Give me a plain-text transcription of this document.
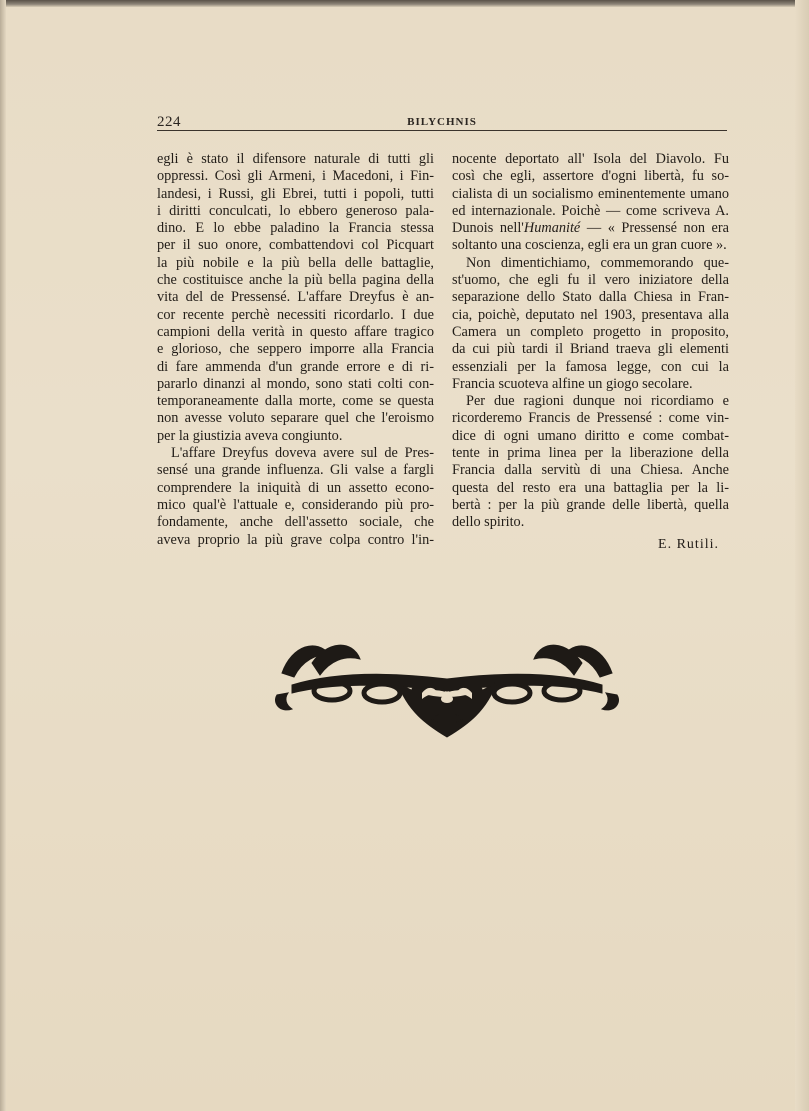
224	BILYCHNIS
egli è stato il difensore naturale di tutti gli
oppressi. Così gli Armeni, i Macedoni, i Fin-
landesi, i Russi, gli Ebrei, tutti i popoli, tutti
i diritti conculcati, lo ebbero generoso pala-
dino. E lo ebbe paladino la Francia stessa
per il suo onore, combattendovi col Picquart
la più nobile e la più bella delle battaglie,
che costituisce anche la più bella pagina della
vita del de Pressensé. L'affare Dreyfus è an-
cor recente perchè necessiti ricordarlo. I due
campioni della verità in questo affare tragico
e glorioso, che seppero imporre alla Francia
di fare ammenda d'un grande errore e di ri-
pararlo dinanzi al mondo, sono stati colti con-
temporaneamente dalla morte, come se questa
non avesse voluto separare quel che l'eroismo
per la giustizia aveva congiunto.
L'affare Dreyfus doveva avere sul de Pres-
sensé una grande influenza. Gli valse a fargli
comprendere la iniquità di un assetto econo-
mico qual'è l'attuale e, considerando più pro-
fondamente, anche dell'assetto sociale, che
aveva proprio la più grave colpa contro l'in-
nocente deportato all' Isola del Diavolo. Fu
così che egli, assertore d'ogni libertà, fu so-
cialista di un socialismo eminentemente umano
ed internazionale. Poichè — come scriveva A.
Dunois nell'Humanité — « Pressensé non era
soltanto una coscienza, egli era un gran cuore ».
Non dimentichiamo, commemorando que-
st'uomo, che egli fu il vero iniziatore della
separazione dello Stato dalla Chiesa in Fran-
cia, poichè, deputato nel 1903, presentava alla
Camera un completo progetto in proposito,
da cui più tardi il Briand traeva gli elementi
essenziali per la famosa legge, con cui la
Francia scuoteva alfine un giogo secolare.
Per due ragioni dunque noi ricordiamo e
ricorderemo Francis de Pressensé : come vin-
dice di ogni umano diritto e come combat-
tente in prima linea per la liberazione della
Francia dalla servitù di una Chiesa. Anche
questa del resto era una battaglia per la li-
bertà : per la più grande delle libertà, quella
dello spirito.
E. Rutili.
